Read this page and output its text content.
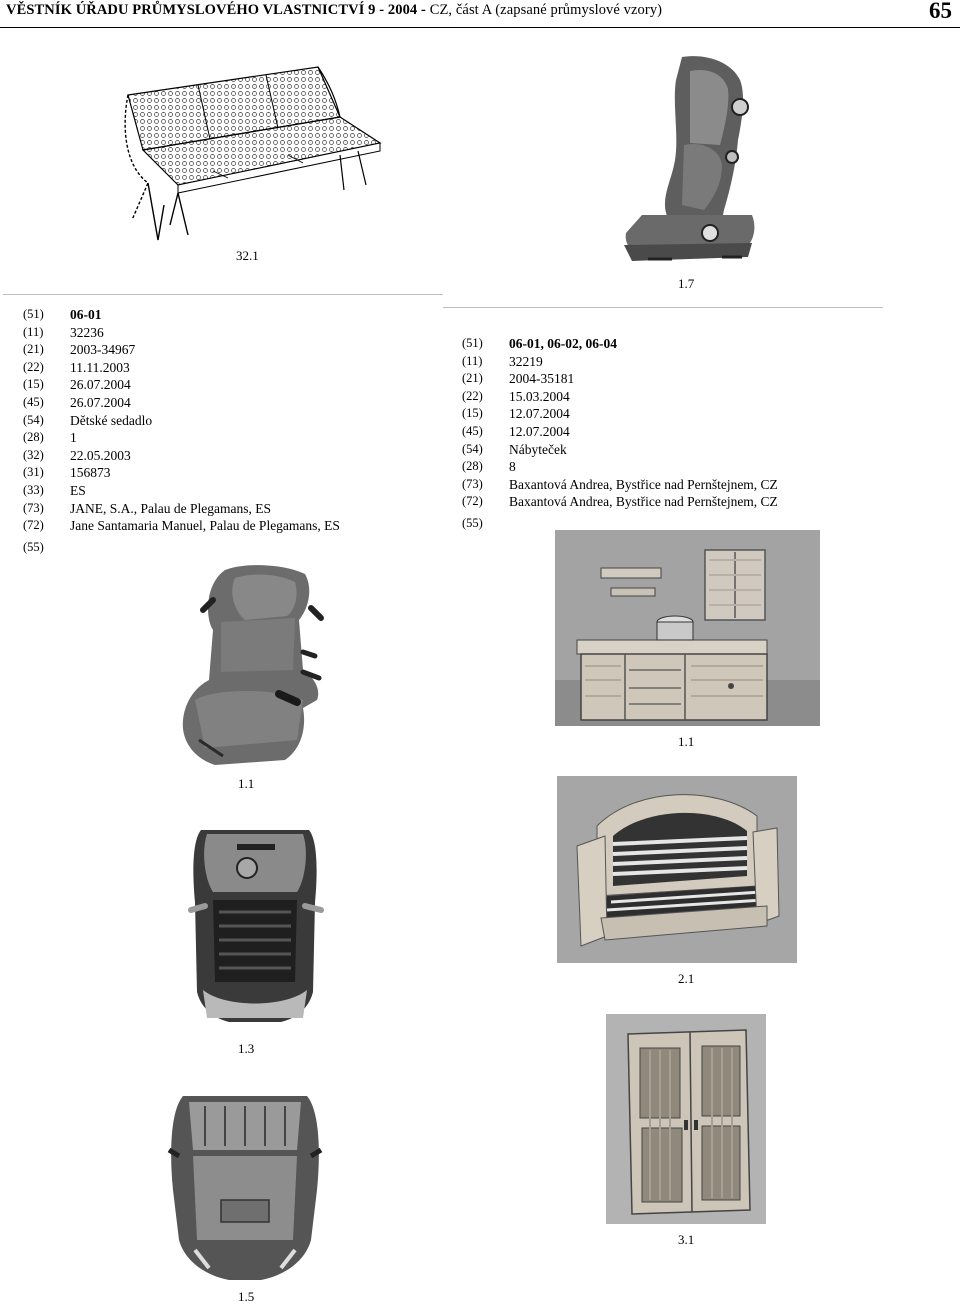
VĚSTNÍK ÚŘADU PRŮMYSLOVÉHO VLASTNICTVÍ 9 - 2004 - CZ, část A (zapsané průmyslové vzory)	65
32.1
1.7
(51)	06-01
(11)	32236
(21)	2003-34967
(22)	11.11.2003
(15)	26.07.2004
(45)	26.07.2004
(54)	Dětské sedadlo
(28)	1
(32)	22.05.2003
(31)	156873
(33)	ES
(73)	JANE, S.A., Palau de Plegamans, ES
(72)	Jane Santamaria Manuel, Palau de Plegamans, ES
(55)
(51)	06-01, 06-02, 06-04
(11)	32219
(21)	2004-35181
(22)	15.03.2004
(15)	12.07.2004
(45)	12.07.2004
(54)	Nábyteček
(28)	8
(73)	Baxantová Andrea, Bystřice nad Pernštejnem, CZ
(72)	Baxantová Andrea, Bystřice nad Pernštejnem, CZ
(55)
1.1
1.3
1.5
1.1
2.1
3.1
